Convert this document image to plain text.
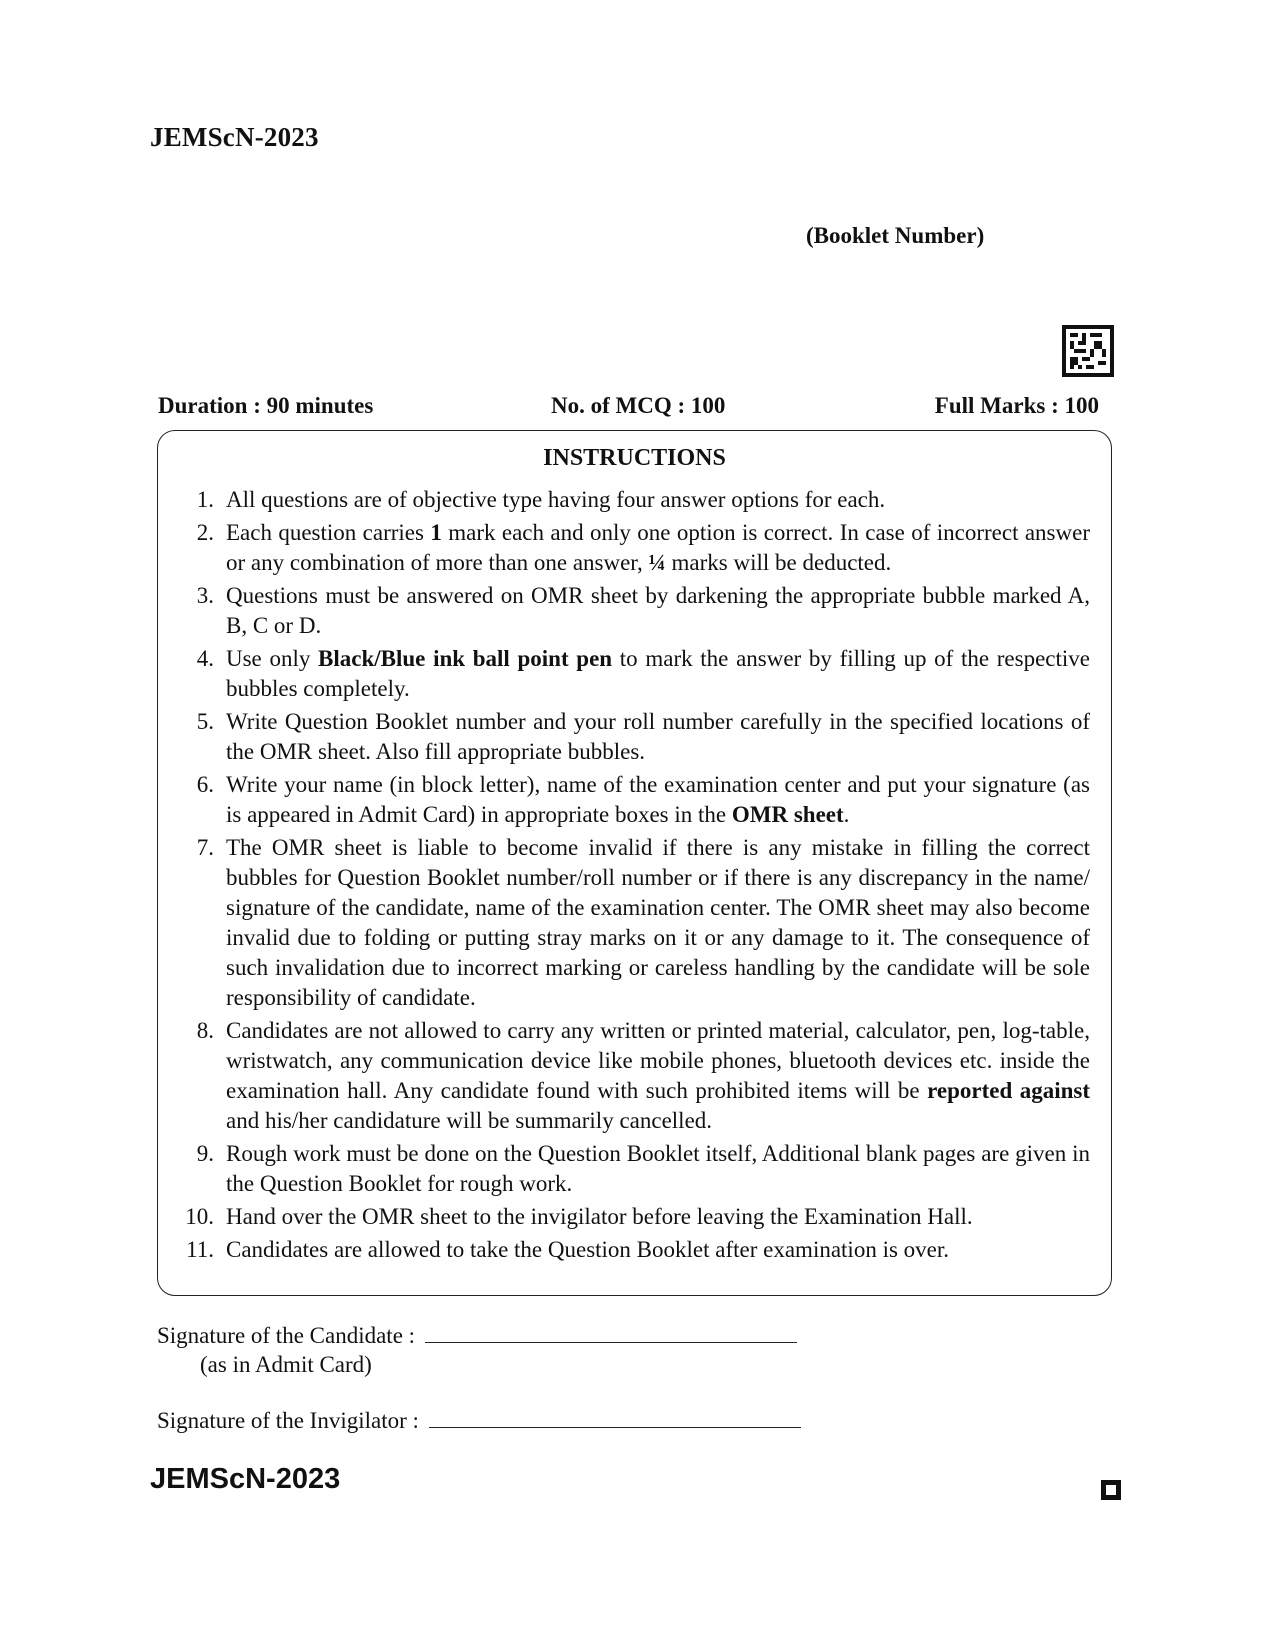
JEMScN-2023
(Booklet Number)
Duration : 90 minutes	No. of MCQ : 100	Full Marks : 100
INSTRUCTIONS
1. All questions are of objective type having four answer options for each.
2. Each question carries 1 mark each and only one option is correct. In case of incorrect answer or any combination of more than one answer, ¼ marks will be deducted.
3. Questions must be answered on OMR sheet by darkening the appropriate bubble marked A, B, C or D.
4. Use only Black/Blue ink ball point pen to mark the answer by filling up of the respective bubbles completely.
5. Write Question Booklet number and your roll number carefully in the specified locations of the OMR sheet. Also fill appropriate bubbles.
6. Write your name (in block letter), name of the examination center and put your signature (as is appeared in Admit Card) in appropriate boxes in the OMR sheet.
7. The OMR sheet is liable to become invalid if there is any mistake in filling the correct bubbles for Question Booklet number/roll number or if there is any discrepancy in the name/ signature of the candidate, name of the examination center. The OMR sheet may also become invalid due to folding or putting stray marks on it or any damage to it. The consequence of such invalidation due to incorrect marking or careless handling by the candidate will be sole responsibility of candidate.
8. Candidates are not allowed to carry any written or printed material, calculator, pen, log-table, wristwatch, any communication device like mobile phones, bluetooth devices etc. inside the examination hall. Any candidate found with such prohibited items will be reported against and his/her candidature will be summarily cancelled.
9. Rough work must be done on the Question Booklet itself, Additional blank pages are given in the Question Booklet for rough work.
10. Hand over the OMR sheet to the invigilator before leaving the Examination Hall.
11. Candidates are allowed to take the Question Booklet after examination is over.
Signature of the Candidate :
(as in Admit Card)
Signature of the Invigilator :
JEMScN-2023
